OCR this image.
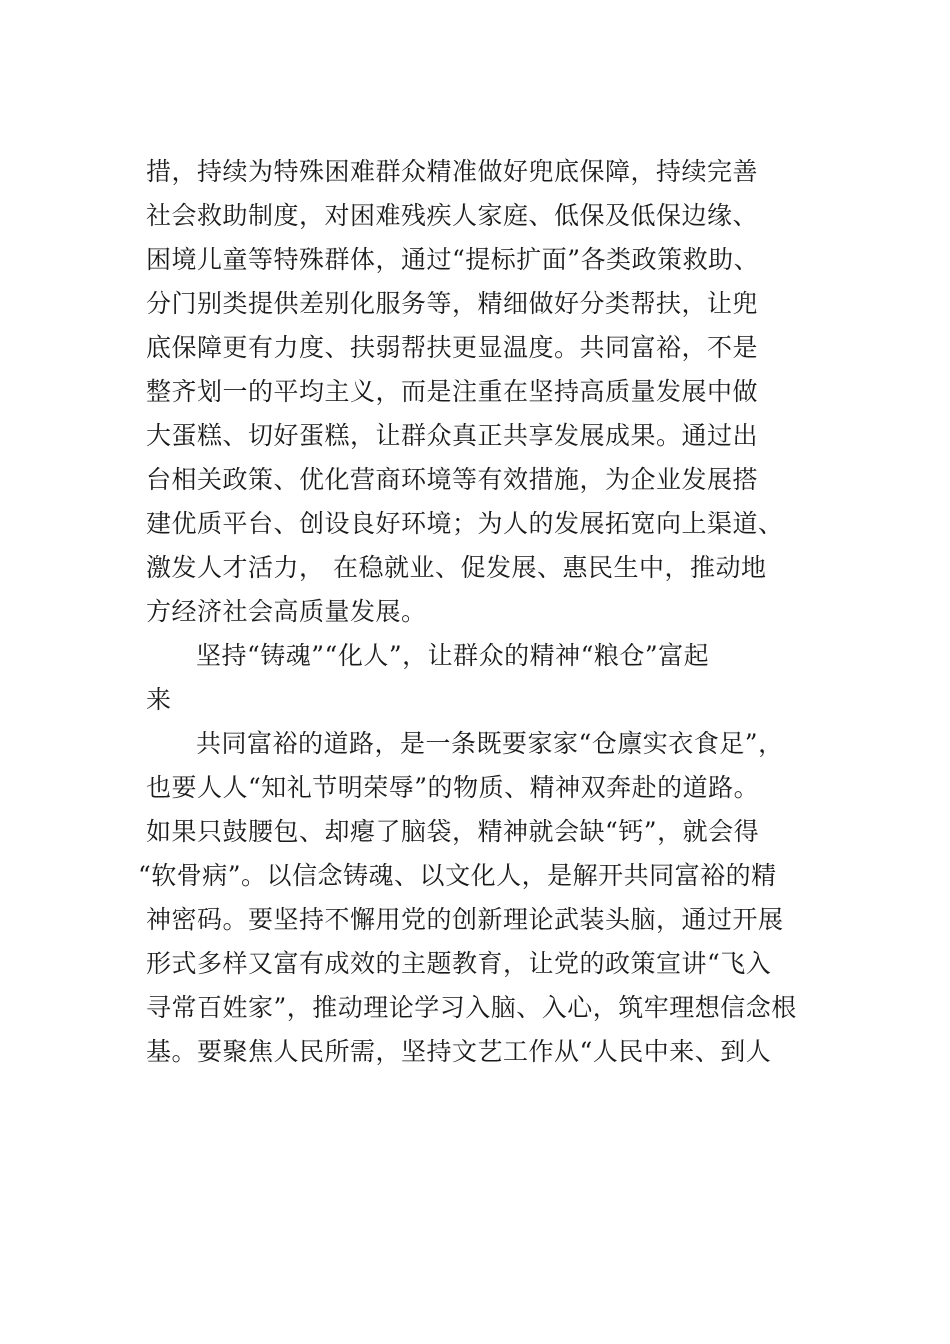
措，持续为特殊困难群众精准做好兜底保障，持续完善
社会救助制度，对困难残疾人家庭、低保及低保边缘、
困境儿童等特殊群体，通过“提标扩面”各类政策救助、
分门别类提供差别化服务等，精细做好分类帮扶，让兜
底保障更有力度、扶弱帮扶更显温度。共同富裕，不是
整齐划一的平均主义，而是注重在坚持高质量发展中做
大蛋糕、切好蛋糕，让群众真正共享发展成果。通过出
台相关政策、优化营商环境等有效措施，为企业发展搭
建优质平台、创设良好环境；为人的发展拓宽向上渠道、
激发人才活力， 在稳就业、促发展、惠民生中，推动地
方经济社会高质量发展。
坚持“铸魂”“化人”，让群众的精神“粮仓”富起
来
共同富裕的道路，是一条既要家家“仓廪实衣食足”，
也要人人“知礼节明荣辱”的物质、精神双奔赴的道路。
如果只鼓腰包、却瘪了脑袋，精神就会缺“钙”，就会得
“软骨病”。以信念铸魂、以文化人，是解开共同富裕的精
神密码。要坚持不懈用党的创新理论武装头脑，通过开展
形式多样又富有成效的主题教育，让党的政策宣讲“飞入
寻常百姓家”，推动理论学习入脑、入心，筑牢理想信念根
基。要聚焦人民所需，坚持文艺工作从“人民中来、到人
